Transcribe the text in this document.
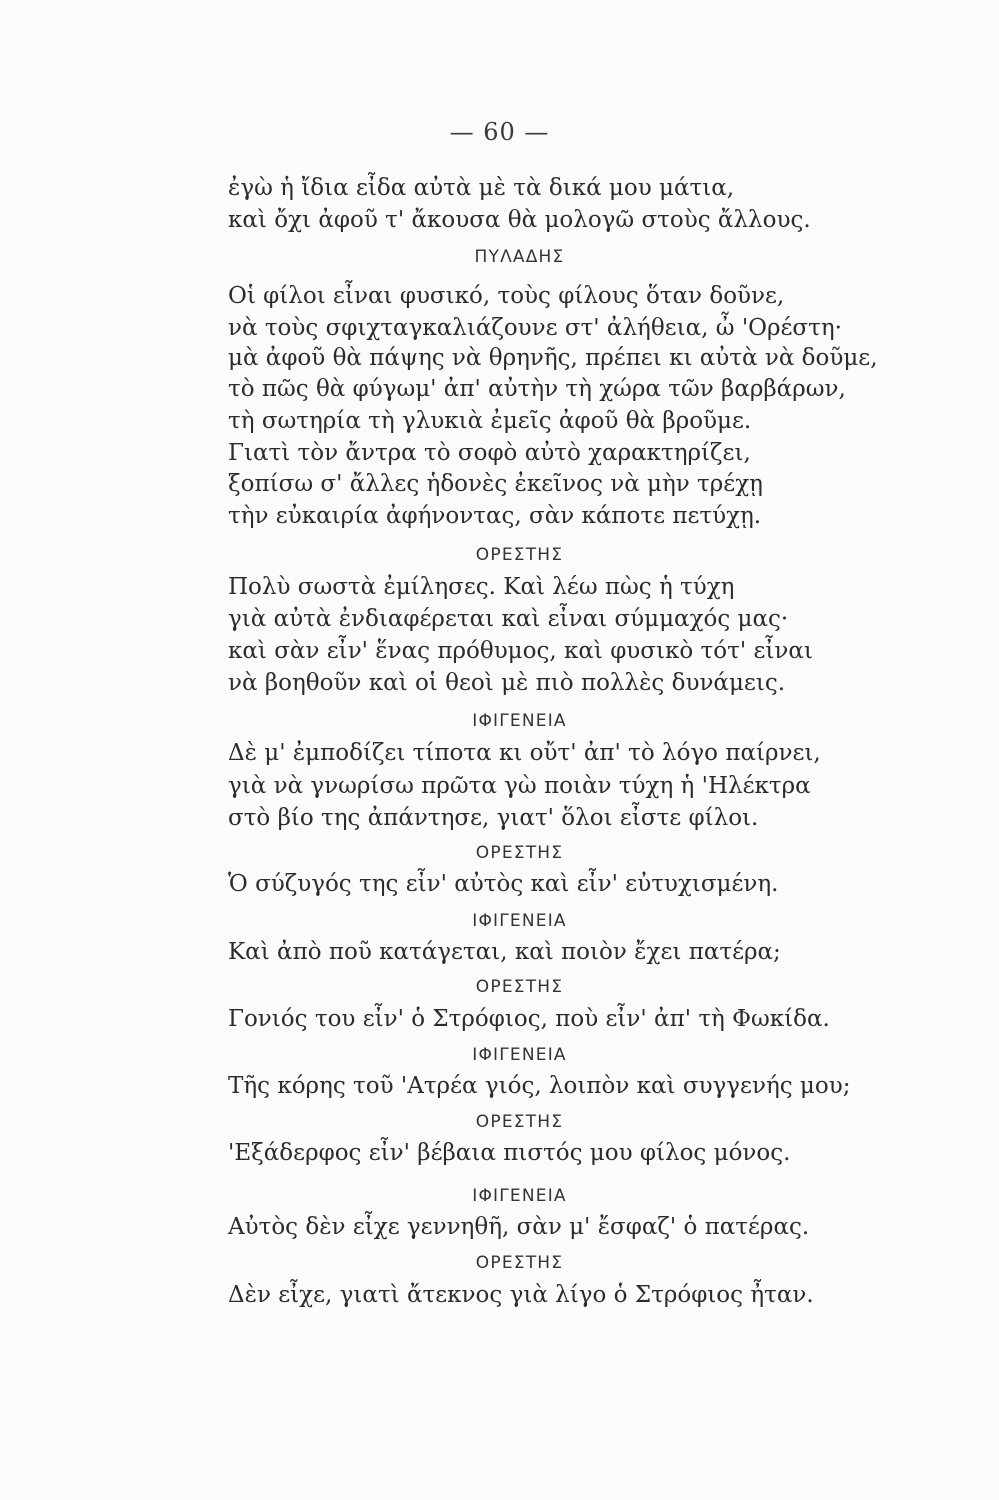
— 60 —
ἐγὼ ἡ ἴδια εἶδα αὐτὰ μὲ τὰ δικά μου μάτια,
καὶ ὄχι ἀφοῦ τ' ἄκουσα θὰ μολογῶ στοὺς ἄλλους.
ΠΥΛΑΔΗΣ
Οἱ φίλοι εἶναι φυσικό, τοὺς φίλους ὅταν δοῦνε,
νὰ τοὺς σφιχταγκαλιάζουνε στ' ἀλήθεια, ὦ 'Ορέστη·
μὰ ἀφοῦ θὰ πάψης νὰ θρηνῆς, πρέπει κι αὐτὰ νὰ δοῦμε,
τὸ πῶς θὰ φύγωμ' ἀπ' αὐτὴν τὴ χώρα τῶν βαρβάρων,
τὴ σωτηρία τὴ γλυκιὰ ἐμεῖς ἀφοῦ θὰ βροῦμε.
Γιατὶ τὸν ἄντρα τὸ σοφὸ αὐτὸ χαρακτηρίζει,
ξοπίσω σ' ἄλλες ἡδονὲς ἐκεῖνος νὰ μὴν τρέχῃ
τὴν εὐκαιρία ἀφήνοντας, σὰν κάποτε πετύχῃ.
ΟΡΕΣΤΗΣ
Πολὺ σωστὰ ἐμίλησες. Καὶ λέω πὼς ἡ τύχη
γιὰ αὐτὰ ἐνδιαφέρεται καὶ εἶναι σύμμαχός μας·
καὶ σὰν εἶν' ἕνας πρόθυμος, καὶ φυσικὸ τότ' εἶναι
νὰ βοηθοῦν καὶ οἱ θεοὶ μὲ πιὸ πολλὲς δυνάμεις.
ΙΦΙΓΕΝΕΙΑ
Δὲ μ' ἐμποδίζει τίποτα κι οὔτ' ἀπ' τὸ λόγο παίρνει,
γιὰ νὰ γνωρίσω πρῶτα γὼ ποιὰν τύχη ἡ 'Ηλέκτρα
στὸ βίο της ἀπάντησε, γιατ' ὅλοι εἶστε φίλοι.
ΟΡΕΣΤΗΣ
Ὁ σύζυγός της εἶν' αὐτὸς καὶ εἶν' εὐτυχισμένη.
ΙΦΙΓΕΝΕΙΑ
Καὶ ἀπὸ ποῦ κατάγεται, καὶ ποιὸν ἔχει πατέρα;
ΟΡΕΣΤΗΣ
Γονιός του εἶν' ὁ Στρόφιος, ποὺ εἶν' ἀπ' τὴ Φωκίδα.
ΙΦΙΓΕΝΕΙΑ
Τῆς κόρης τοῦ 'Ατρέα γιός, λοιπὸν καὶ συγγενής μου;
ΟΡΕΣΤΗΣ
'Εξάδερφος εἶν' βέβαια πιστός μου φίλος μόνος.
ΙΦΙΓΕΝΕΙΑ
Αὐτὸς δὲν εἶχε γεννηθῆ, σὰν μ' ἔσφαζ' ὁ πατέρας.
ΟΡΕΣΤΗΣ
Δὲν εἶχε, γιατὶ ἄτεκνος γιὰ λίγο ὁ Στρόφιος ἦταν.
